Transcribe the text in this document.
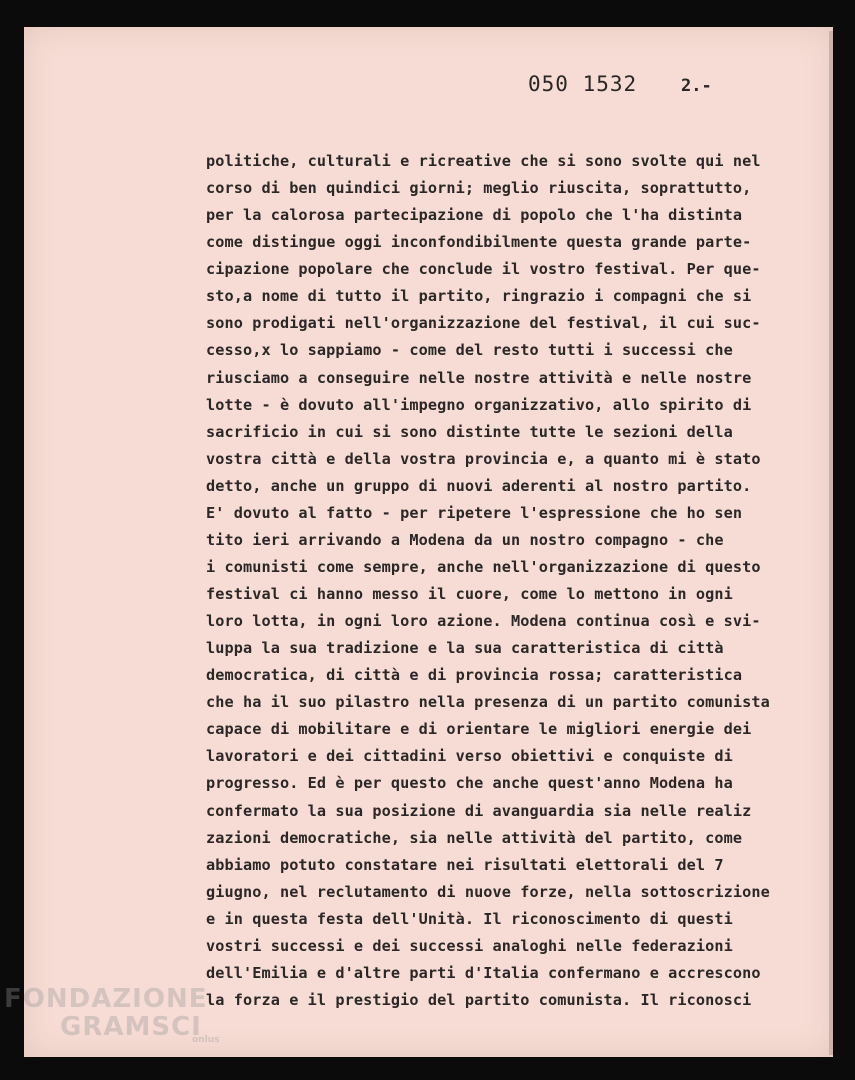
050 1532	2.-
politiche, culturali e ricreative che si sono svolte qui nel
corso di ben quindici giorni; meglio riuscita, soprattutto,
per la calorosa partecipazione di popolo che l'ha distinta
come distingue oggi inconfondibilmente questa grande parte-
cipazione popolare che conclude il vostro festival. Per que-
sto,a nome di tutto il partito, ringrazio i compagni che si
sono prodigati nell'organizzazione del festival, il cui suc-
cesso,x lo sappiamo - come del resto tutti i successi che
riusciamo a conseguire nelle nostre attività e nelle nostre
lotte - è dovuto all'impegno organizzativo, allo spirito di
sacrificio in cui si sono distinte tutte le sezioni della
vostra città e della vostra provincia e, a quanto mi è stato
detto, anche un gruppo di nuovi aderenti al nostro partito.
E' dovuto al fatto - per ripetere l'espressione che ho sen
tito ieri arrivando a Modena da un nostro compagno - che
i comunisti come sempre, anche nell'organizzazione di questo
festival ci hanno messo il cuore, come lo mettono in ogni
loro lotta, in ogni loro azione. Modena continua così e svi-
luppa la sua tradizione e la sua caratteristica di città
democratica, di città e di provincia rossa; caratteristica
che ha il suo pilastro nella presenza di un partito comunista
capace di mobilitare e di orientare le migliori energie dei
lavoratori e dei cittadini verso obiettivi e conquiste di
progresso. Ed è per questo che anche quest'anno Modena ha
confermato la sua posizione di avanguardia sia nelle realiz
zazioni democratiche, sia nelle attività del partito, come
abbiamo potuto constatare nei risultati elettorali del 7
giugno, nel reclutamento di nuove forze, nella sottoscrizione
e in questa festa dell'Unità. Il riconoscimento di questi
vostri successi e dei successi analoghi nelle federazioni
dell'Emilia e d'altre parti d'Italia confermano e accrescono
la forza e il prestigio del partito comunista. Il riconosci
FONDAZIONE
GRAMSCI
onlus
